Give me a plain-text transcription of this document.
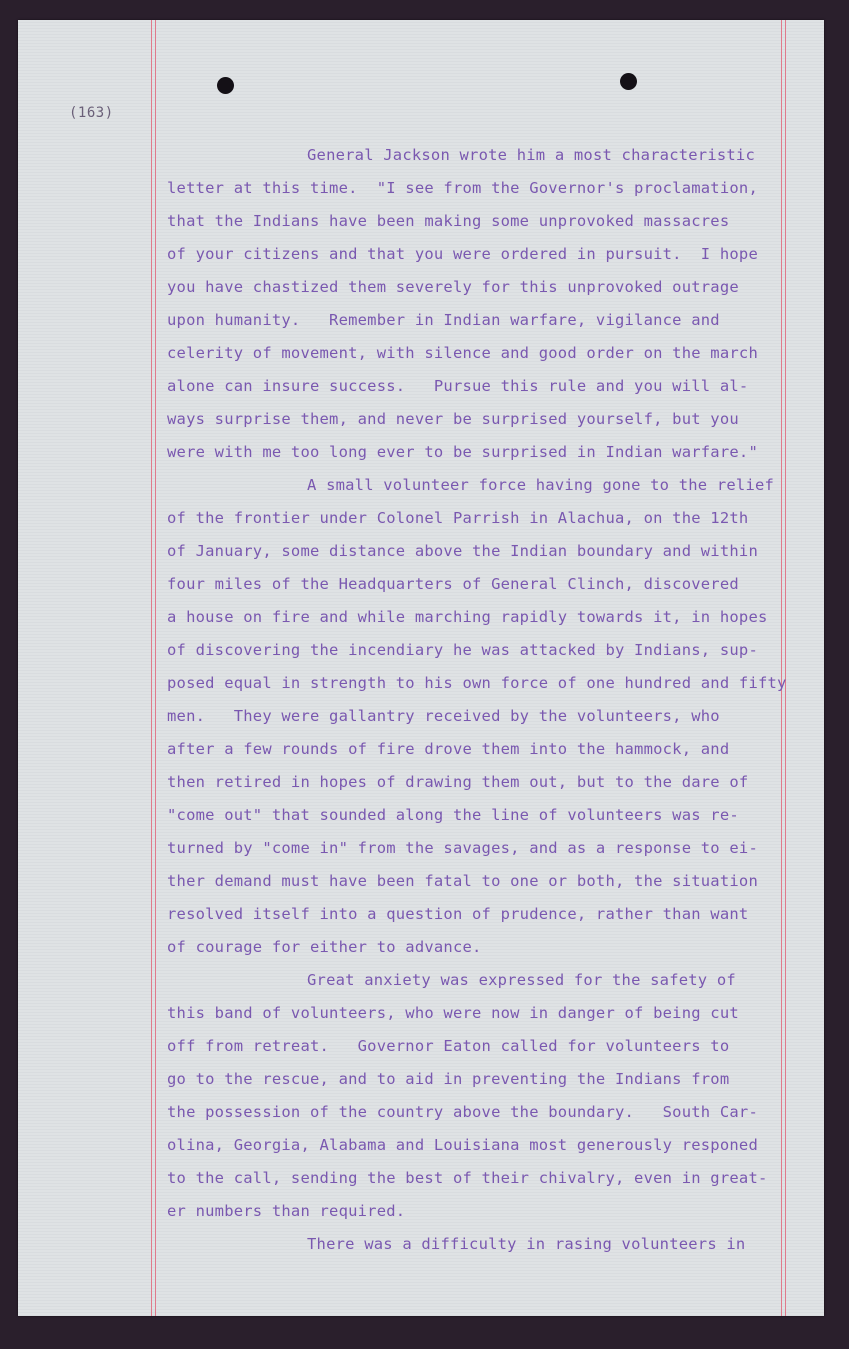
(163)
General Jackson wrote him a most characteristic
letter at this time.  "I see from the Governor's proclamation,
that the Indians have been making some unprovoked massacres
of your citizens and that you were ordered in pursuit.  I hope
you have chastized them severely for this unprovoked outrage
upon humanity.   Remember in Indian warfare, vigilance and
celerity of movement, with silence and good order on the march
alone can insure success.   Pursue this rule and you will al-
ways surprise them, and never be surprised yourself, but you
were with me too long ever to be surprised in Indian warfare."
A small volunteer force having gone to the relief
of the frontier under Colonel Parrish in Alachua, on the 12th
of January, some distance above the Indian boundary and within
four miles of the Headquarters of General Clinch, discovered
a house on fire and while marching rapidly towards it, in hopes
of discovering the incendiary he was attacked by Indians, sup-
posed equal in strength to his own force of one hundred and fifty
men.   They were gallantry received by the volunteers, who
after a few rounds of fire drove them into the hammock, and
then retired in hopes of drawing them out, but to the dare of
"come out" that sounded along the line of volunteers was re-
turned by "come in" from the savages, and as a response to ei-
ther demand must have been fatal to one or both, the situation
resolved itself into a question of prudence, rather than want
of courage for either to advance.
Great anxiety was expressed for the safety of
this band of volunteers, who were now in danger of being cut
off from retreat.   Governor Eaton called for volunteers to
go to the rescue, and to aid in preventing the Indians from
the possession of the country above the boundary.   South Car-
olina, Georgia, Alabama and Louisiana most generously responed
to the call, sending the best of their chivalry, even in great-
er numbers than required.
There was a difficulty in rasing volunteers in
